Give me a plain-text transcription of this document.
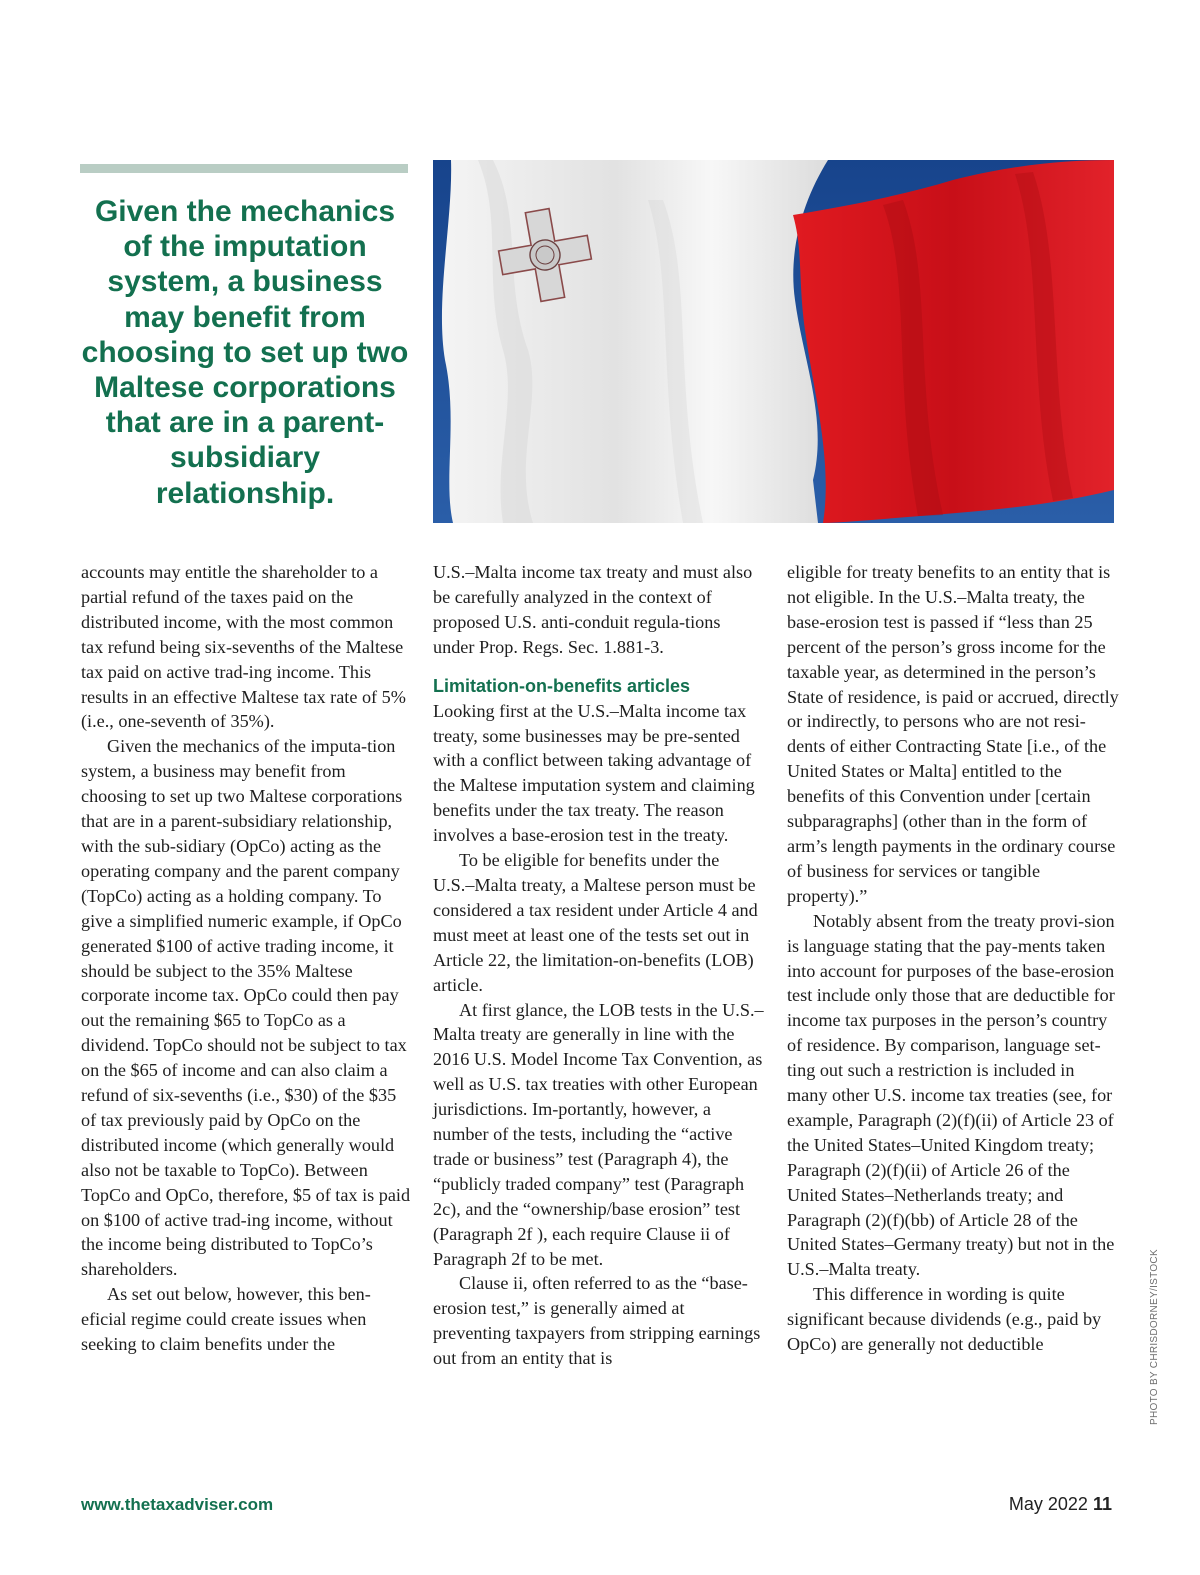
Given the mechanics of the imputation system, a business may benefit from choosing to set up two Maltese corporations that are in a parent-subsidiary relationship.

accounts may entitle the shareholder to a partial refund of the taxes paid on the distributed income, with the most common tax refund being six-sevenths of the Maltese tax paid on active trad-ing income. This results in an effective Maltese tax rate of 5% (i.e., one-seventh of 35%).

Given the mechanics of the imputa-tion system, a business may benefit from choosing to set up two Maltese corporations that are in a parent-subsidiary relationship, with the sub-sidiary (OpCo) acting as the operating company and the parent company (TopCo) acting as a holding company. To give a simplified numeric example, if OpCo generated $100 of active trading income, it should be subject to the 35% Maltese corporate income tax. OpCo could then pay out the remaining $65 to TopCo as a dividend. TopCo should not be subject to tax on the $65 of income and can also claim a refund of six-sevenths (i.e., $30) of the $35 of tax previously paid by OpCo on the distributed income (which generally would also not be taxable to TopCo). Between TopCo and OpCo, therefore, $5 of tax is paid on $100 of active trad-ing income, without the income being distributed to TopCo’s shareholders.

As set out below, however, this ben-eficial regime could create issues when seeking to claim benefits under the

U.S.–Malta income tax treaty and must also be carefully analyzed in the context of proposed U.S. anti-conduit regula-tions under Prop. Regs. Sec. 1.881-3.

Limitation-on-benefits articles

Looking first at the U.S.–Malta income tax treaty, some businesses may be pre-sented with a conflict between taking advantage of the Maltese imputation system and claiming benefits under the tax treaty. The reason involves a base-erosion test in the treaty.

To be eligible for benefits under the U.S.–Malta treaty, a Maltese person must be considered a tax resident under Article 4 and must meet at least one of the tests set out in Article 22, the limitation-on-benefits (LOB) article.

At first glance, the LOB tests in the U.S.–Malta treaty are generally in line with the 2016 U.S. Model Income Tax Convention, as well as U.S. tax treaties with other European jurisdictions. Im-portantly, however, a number of the tests, including the “active trade or business” test (Paragraph 4), the “publicly traded company” test (Paragraph 2c), and the “ownership/base erosion” test (Paragraph 2f ), each require Clause ii of Paragraph 2f to be met.

Clause ii, often referred to as the “base-erosion test,” is generally aimed at preventing taxpayers from stripping earnings out from an entity that is

eligible for treaty benefits to an entity that is not eligible. In the U.S.–Malta treaty, the base-erosion test is passed if “less than 25 percent of the person’s gross income for the taxable year, as determined in the person’s State of residence, is paid or accrued, directly or indirectly, to persons who are not resi-dents of either Contracting State [i.e., of the United States or Malta] entitled to the benefits of this Convention under [certain subparagraphs] (other than in the form of arm’s length payments in the ordinary course of business for services or tangible property).”

Notably absent from the treaty provi-sion is language stating that the pay-ments taken into account for purposes of the base-erosion test include only those that are deductible for income tax purposes in the person’s country of residence. By comparison, language set-ting out such a restriction is included in many other U.S. income tax treaties (see, for example, Paragraph (2)(f)(ii) of Article 23 of the United States–United Kingdom treaty; Paragraph (2)(f)(ii) of Article 26 of the United States–Netherlands treaty; and Paragraph (2)(f)(bb) of Article 28 of the United States–Germany treaty) but not in the U.S.–Malta treaty.

This difference in wording is quite significant because dividends (e.g., paid by OpCo) are generally not deductible	PHOTO BY CHRISDORNEY/ISTOCK
www.thetaxadviser.com	May 2022 11
